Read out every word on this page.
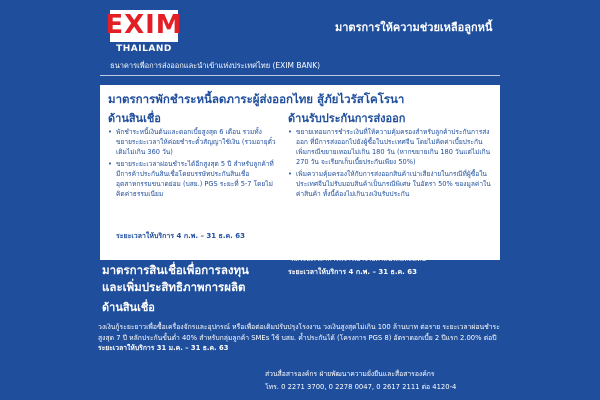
EXIM
THAILAND
มาตรการให้ความช่วยเหลือลูกหนี้
ธนาคารเพื่อการส่งออกและนำเข้าแห่งประเทศไทย (EXIM BANK)
มาตรการพักชำระหนี้ลดภาระผู้ส่งออกไทย สู้ภัยไวรัสโคโรนา
ด้านสินเชื่อ	ด้านรับประกันการส่งออก
• พักชำระหนี้เงินต้นและดอกเบี้ยสูงสุด 6 เดือน รวมทั้งขยายระยะเวลาให้ค่อยชำระตั๋วสัญญาใช้เงิน (รวมอายุตั๋วเดิมไม่เกิน 360 วัน)
• ขยายระยะเวลาผ่อนชำระได้อีกสูงสุด 5 ปี สำหรับลูกค้าที่มีการค้าประกันสินเชื่อโดยบรรษัทประกันสินเชื่ออุตสาหกรรมขนาดย่อม (บสย.) PGS ระยะที่ 5-7 โดยไม่คิดค่าธรรมเนียม
• ขยายเทอมการชำระเงินที่ให้ความคุ้มครองสำหรับลูกค้าประกันการส่งออก ที่มีการส่งออกไปยังผู้ซื้อในประเทศจีน โดยไม่คิดค่าเบี้ยประกันเพิ่มกรณีขยายเทอมไม่เกิน 180 วัน (หากขยายเกิน 180 วันแต่ไม่เกิน 270 วัน จะเรียกเก็บเบี้ยประกันเพียง 50%)
• เพิ่มความคุ้มครองให้กับการส่งออกสินค้าเน่าเสียง่ายในกรณีที่ผู้ซื้อในประเทศจีนไม่รับมอบสินค้าเป็นกรณีพิเศษ ในอัตรา 50% ของมูลค่าในค่าสินค้า ทั้งนี้ต้องไม่เกินวงเงินรับประกัน
ระยะเวลาให้บริการ 4 ก.พ. – 31 ธ.ค. 63
• ลดระยะเวลาการพิจารณาจ่ายค่าสินไหมทดแทน
ระยะเวลาให้บริการ 4 ก.พ. – 31 ธ.ค. 63
มาตรการสินเชื่อเพื่อการลงทุน
และเพิ่มประสิทธิภาพการผลิต
ด้านสินเชื่อ
วงเงินกู้ระยะยาวเพื่อซื้อเครื่องจักรและอุปกรณ์ หรือเพื่อต่อเติมปรับปรุงโรงงาน วงเงินสูงสุดไม่เกิน 100 ล้านบาท ต่อราย ระยะเวลาผ่อนชำระสูงสุด 7 ปี หลักประกันขั้นต่ำ 40% สำหรับกลุ่มลูกค้า SMEs ใช้ บสย. ค้ำประกันได้ (โครงการ PGS 8) อัตราดอกเบี้ย 2 ปีแรก 2.00% ต่อปี ระยะเวลาให้บริการ 31 ม.ค. – 31 ธ.ค. 63
ส่วนสื่อสารองค์กร ฝ่ายพัฒนาความยั่งยืนและสื่อสารองค์กร
โทร. 0 2271 3700, 0 2278 0047, 0 2617 2111 ต่อ 4120-4
